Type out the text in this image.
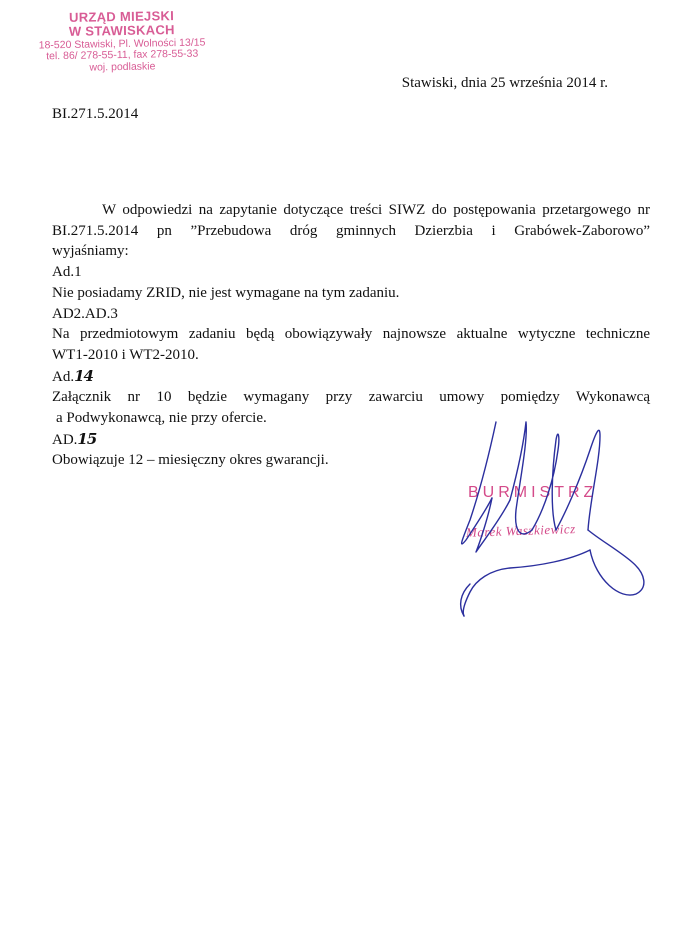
URZĄD MIEJSKI
W STAWISKACH
18-520 Stawiski, Pl. Wolności 13/15
tel. 86/ 278-55-11, fax 278-55-33
woj. podlaskie
Stawiski, dnia 25 września 2014 r.
BI.271.5.2014

W odpowiedzi na zapytanie dotyczące treści SIWZ do postępowania przetargowego nr

BI.271.5.2014 pn ”Przebudowa dróg gminnych Dzierzbia i Grabówek-Zaborowo”

wyjaśniamy:

Ad.1

Nie posiadamy ZRID, nie jest wymagane na tym zadaniu.

AD2.AD.3

Na przedmiotowym zadaniu będą obowiązywały najnowsze aktualne wytyczne techniczne

WT1-2010 i WT2-2010.

Ad.14

Załącznik nr 10 będzie wymagany przy zawarciu umowy pomiędzy Wykonawcą

a Podwykonawcą, nie przy ofercie.

AD.15

Obowiązuje 12 – miesięczny okres gwarancji.

BURMISTRZ
Marek Waszkiewicz
